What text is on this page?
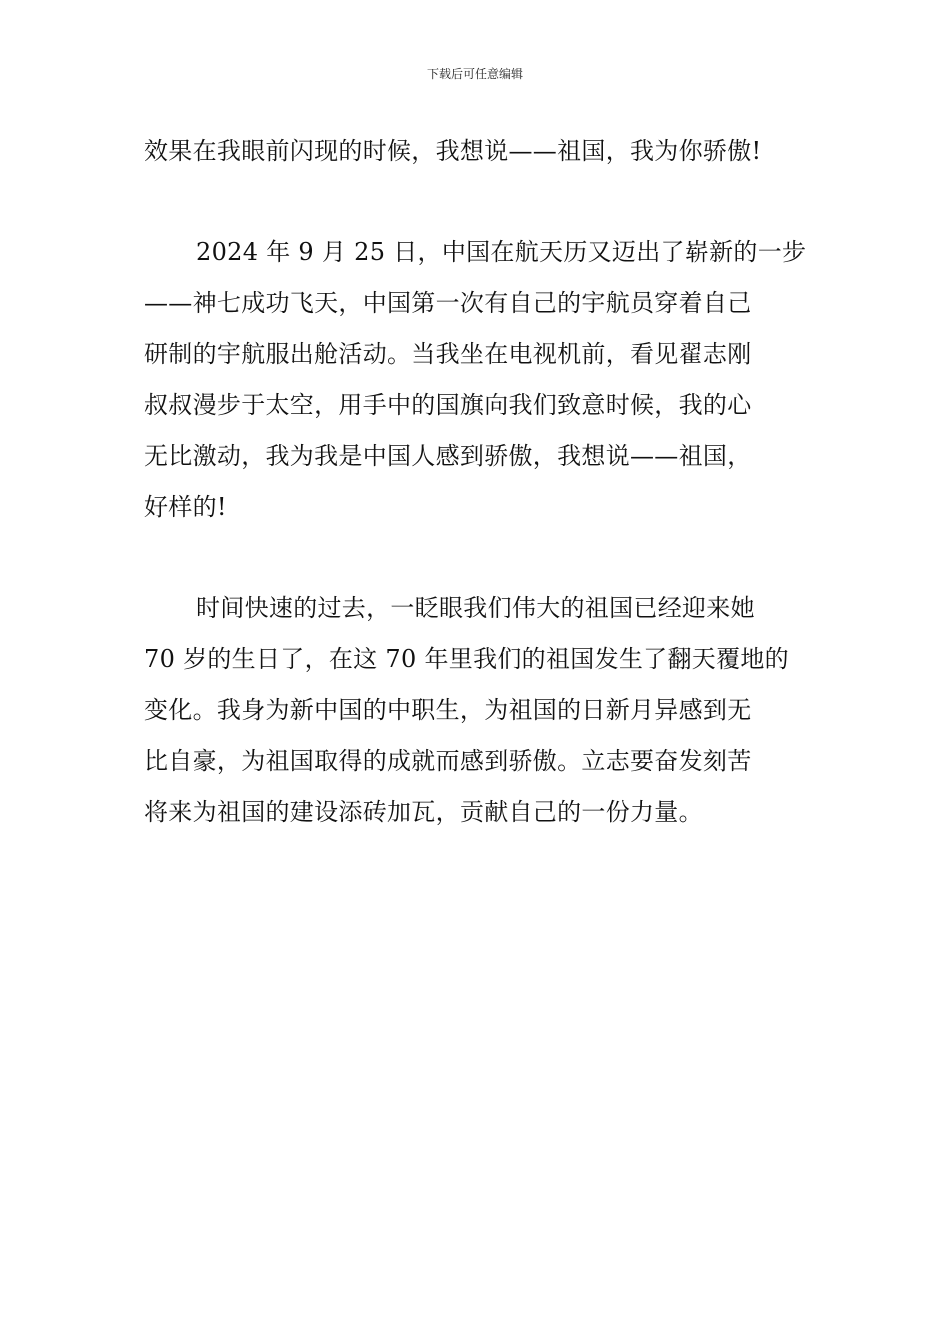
下载后可任意编辑
效果在我眼前闪现的时候，我想说——祖国，我为你骄傲!
2024 年 9 月 25 日，中国在航天历又迈出了崭新的一步
——神七成功飞天，中国第一次有自己的宇航员穿着自己
研制的宇航服出舱活动。当我坐在电视机前，看见翟志刚
叔叔漫步于太空，用手中的国旗向我们致意时候，我的心
无比激动，我为我是中国人感到骄傲，我想说——祖国，
好样的!
时间快速的过去，一眨眼我们伟大的祖国已经迎来她
70 岁的生日了，在这 70 年里我们的祖国发生了翻天覆地的
变化。我身为新中国的中职生，为祖国的日新月异感到无
比自豪，为祖国取得的成就而感到骄傲。立志要奋发刻苦
将来为祖国的建设添砖加瓦，贡献自己的一份力量。
